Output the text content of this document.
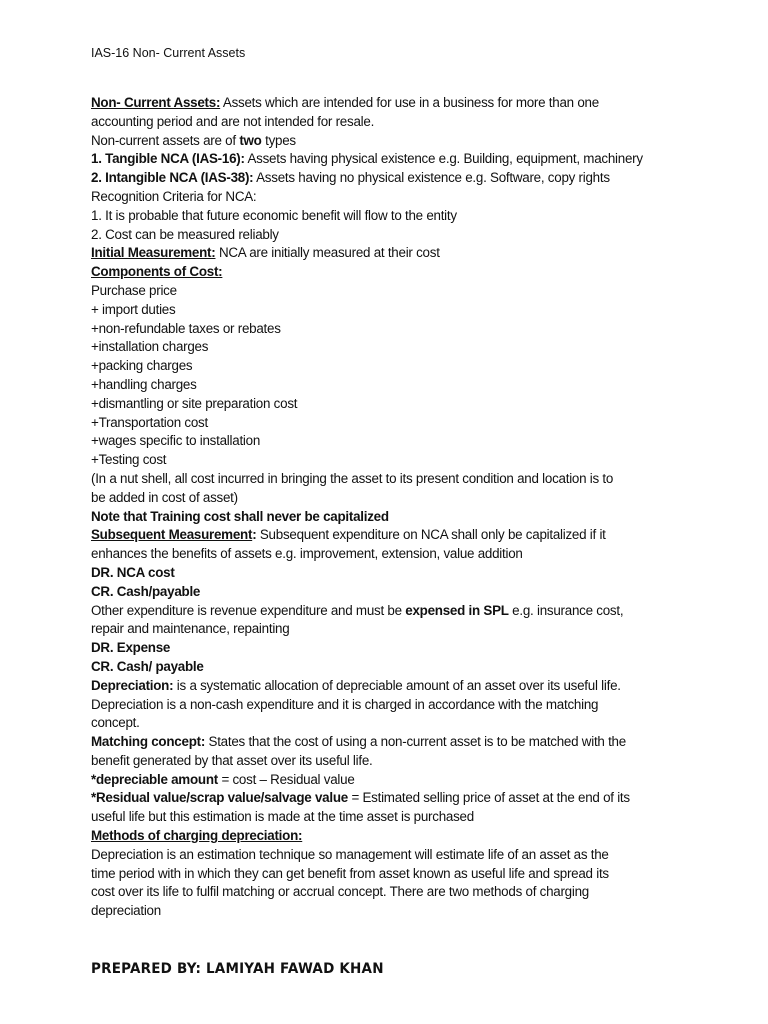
IAS-16 Non- Current Assets

Non- Current Assets: Assets which are intended for use in a business for more than one

accounting period and are not intended for resale.

Non-current assets are of two types

1. Tangible NCA (IAS-16): Assets having physical existence e.g. Building, equipment, machinery

2. Intangible NCA (IAS-38): Assets having no physical existence e.g. Software, copy rights

Recognition Criteria for NCA:

1. It is probable that future economic benefit will flow to the entity

2. Cost can be measured reliably

Initial Measurement: NCA are initially measured at their cost

Components of Cost:

Purchase price

+ import duties

+non-refundable taxes or rebates

+installation charges

+packing charges

+handling charges

+dismantling or site preparation cost

+Transportation cost

+wages specific to installation

+Testing cost

(In a nut shell, all cost incurred in bringing the asset to its present condition and location is to

be added in cost of asset)

Note that Training cost shall never be capitalized

Subsequent Measurement: Subsequent expenditure on NCA shall only be capitalized if it

enhances the benefits of assets e.g. improvement, extension, value addition

DR. NCA cost

CR. Cash/payable

Other expenditure is revenue expenditure and must be expensed in SPL e.g. insurance cost,

repair and maintenance, repainting

DR. Expense

CR. Cash/ payable

Depreciation: is a systematic allocation of depreciable amount of an asset over its useful life.

Depreciation is a non-cash expenditure and it is charged in accordance with the matching

concept.

Matching concept: States that the cost of using a non-current asset is to be matched with the

benefit generated by that asset over its useful life.

*depreciable amount = cost – Residual value

*Residual value/scrap value/salvage value = Estimated selling price of asset at the end of its

useful life but this estimation is made at the time asset is purchased

Methods of charging depreciation:

Depreciation is an estimation technique so management will estimate life of an asset as the

time period with in which they can get benefit from asset known as useful life and spread its

cost over its life to fulfil matching or accrual concept. There are two methods of charging

depreciation

PREPARED BY: LAMIYAH FAWAD KHAN
